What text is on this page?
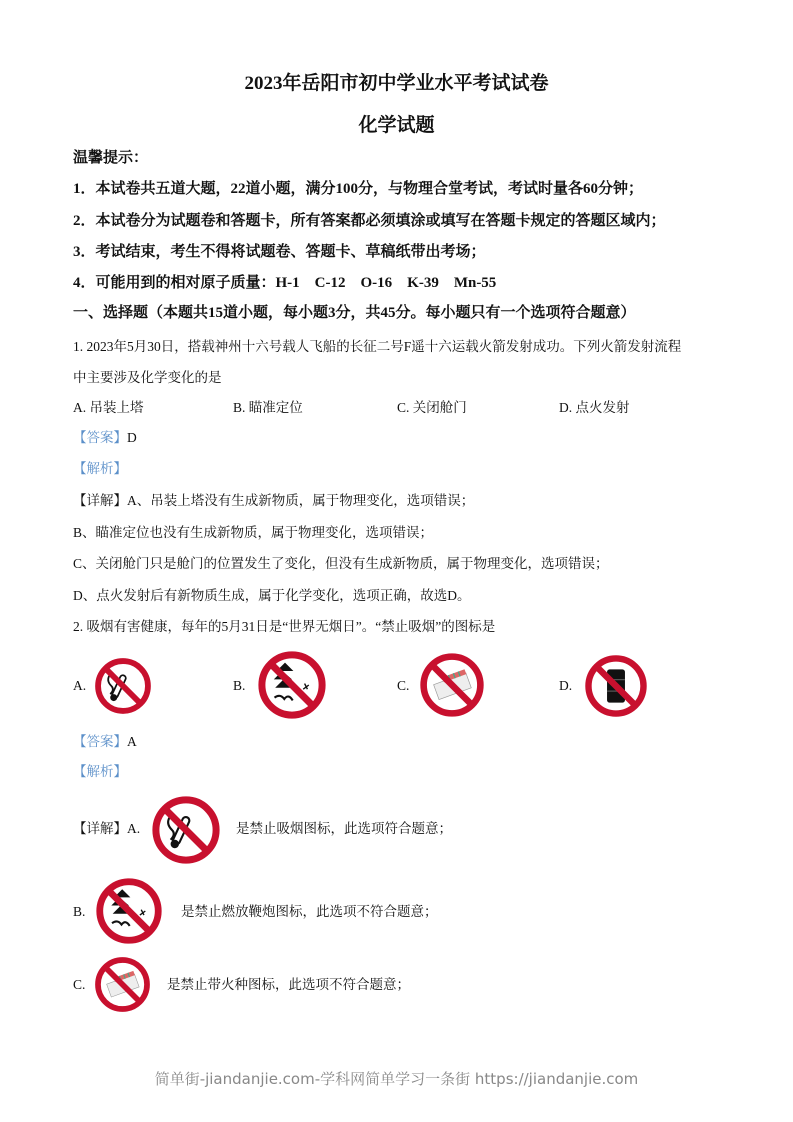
2023年岳阳市初中学业水平考试试卷
化学试题
温馨提示：
1．本试卷共五道大题，22道小题，满分100分，与物理合堂考试，考试时量各60分钟；
2．本试卷分为试题卷和答题卡，所有答案都必须填涂或填写在答题卡规定的答题区域内；
3．考试结束，考生不得将试题卷、答题卡、草稿纸带出考场；
4．可能用到的相对原子质量：H-1　C-12　O-16　K-39　Mn-55
一、选择题（本题共15道小题，每小题3分，共45分。每小题只有一个选项符合题意）
1. 2023年5月30日，搭载神州十六号载人飞船的长征二号F遥十六运载火箭发射成功。下列火箭发射流程
中主要涉及化学变化的是
A. 吊装上塔	B. 瞄准定位	C. 关闭舱门	D. 点火发射
【答案】D
【解析】
【详解】A、吊装上塔没有生成新物质，属于物理变化，选项错误；
B、瞄准定位也没有生成新物质，属于物理变化，选项错误；
C、关闭舱门只是舱门的位置发生了变化，但没有生成新物质，属于物理变化，选项错误；
D、点火发射后有新物质生成，属于化学变化，选项正确，故选D。
2. 吸烟有害健康，每年的5月31日是“世界无烟日”。“禁止吸烟”的图标是
A.	B.	C.	D.
【答案】A
【解析】
【详解】A.	是禁止吸烟图标，此选项符合题意；
B.	是禁止燃放鞭炮图标，此选项不符合题意；
C.	是禁止带火种图标，此选项不符合题意；
简单街-jiandanjie.com-学科网简单学习一条街 https://jiandanjie.com
